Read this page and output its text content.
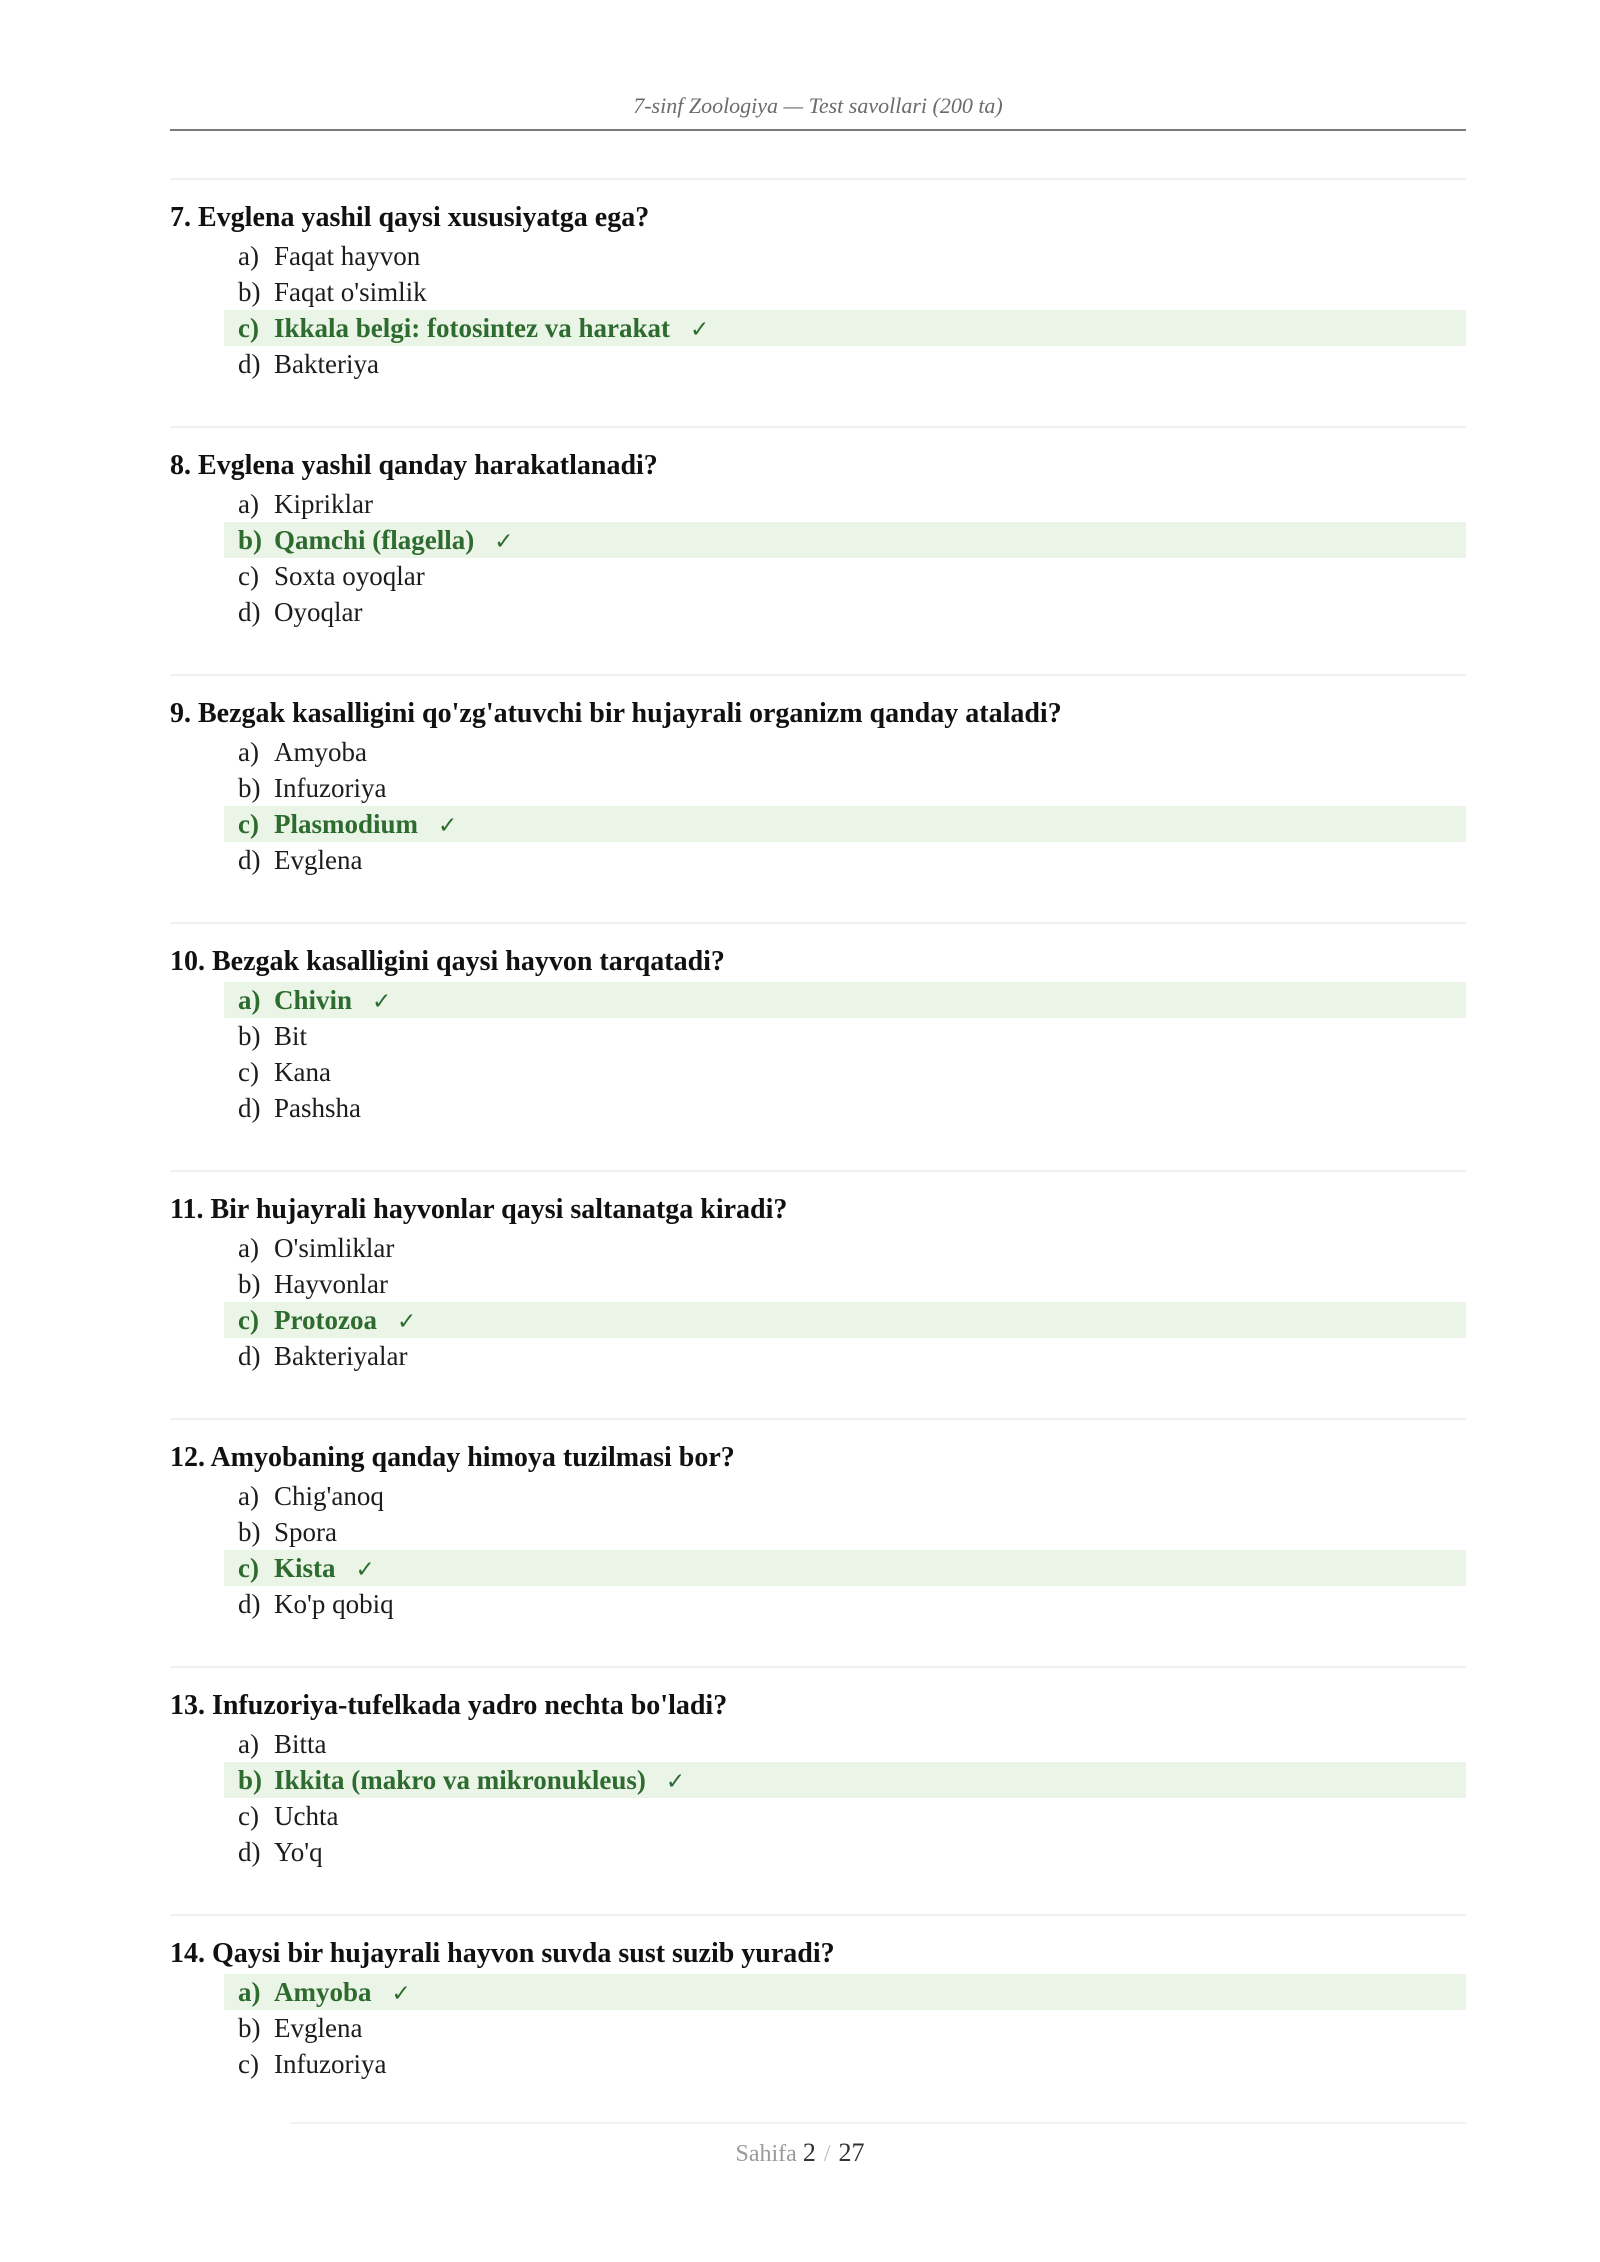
7-sinf Zoologiya — Test savollari (200 ta)
7. Evglena yashil qaysi xususiyatga ega?
a) Faqat hayvon
b) Faqat o'simlik
c) Ikkala belgi: fotosintez va harakat ✓
d) Bakteriya
8. Evglena yashil qanday harakatlanadi?
a) Kipriklar
b) Qamchi (flagella) ✓
c) Soxta oyoqlar
d) Oyoqlar
9. Bezgak kasalligini qo'zg'atuvchi bir hujayrali organizm qanday ataladi?
a) Amyoba
b) Infuzoriya
c) Plasmodium ✓
d) Evglena
10. Bezgak kasalligini qaysi hayvon tarqatadi?
a) Chivin ✓
b) Bit
c) Kana
d) Pashsha
11. Bir hujayrali hayvonlar qaysi saltanatga kiradi?
a) O'simliklar
b) Hayvonlar
c) Protozoa ✓
d) Bakteriyalar
12. Amyobaning qanday himoya tuzilmasi bor?
a) Chig'anoq
b) Spora
c) Kista ✓
d) Ko'p qobiq
13. Infuzoriya-tufelkada yadro nechta bo'ladi?
a) Bitta
b) Ikkita (makro va mikronukleus) ✓
c) Uchta
d) Yo'q
14. Qaysi bir hujayrali hayvon suvda sust suzib yuradi?
a) Amyoba ✓
b) Evglena
c) Infuzoriya
Sahifa 2 / 27
